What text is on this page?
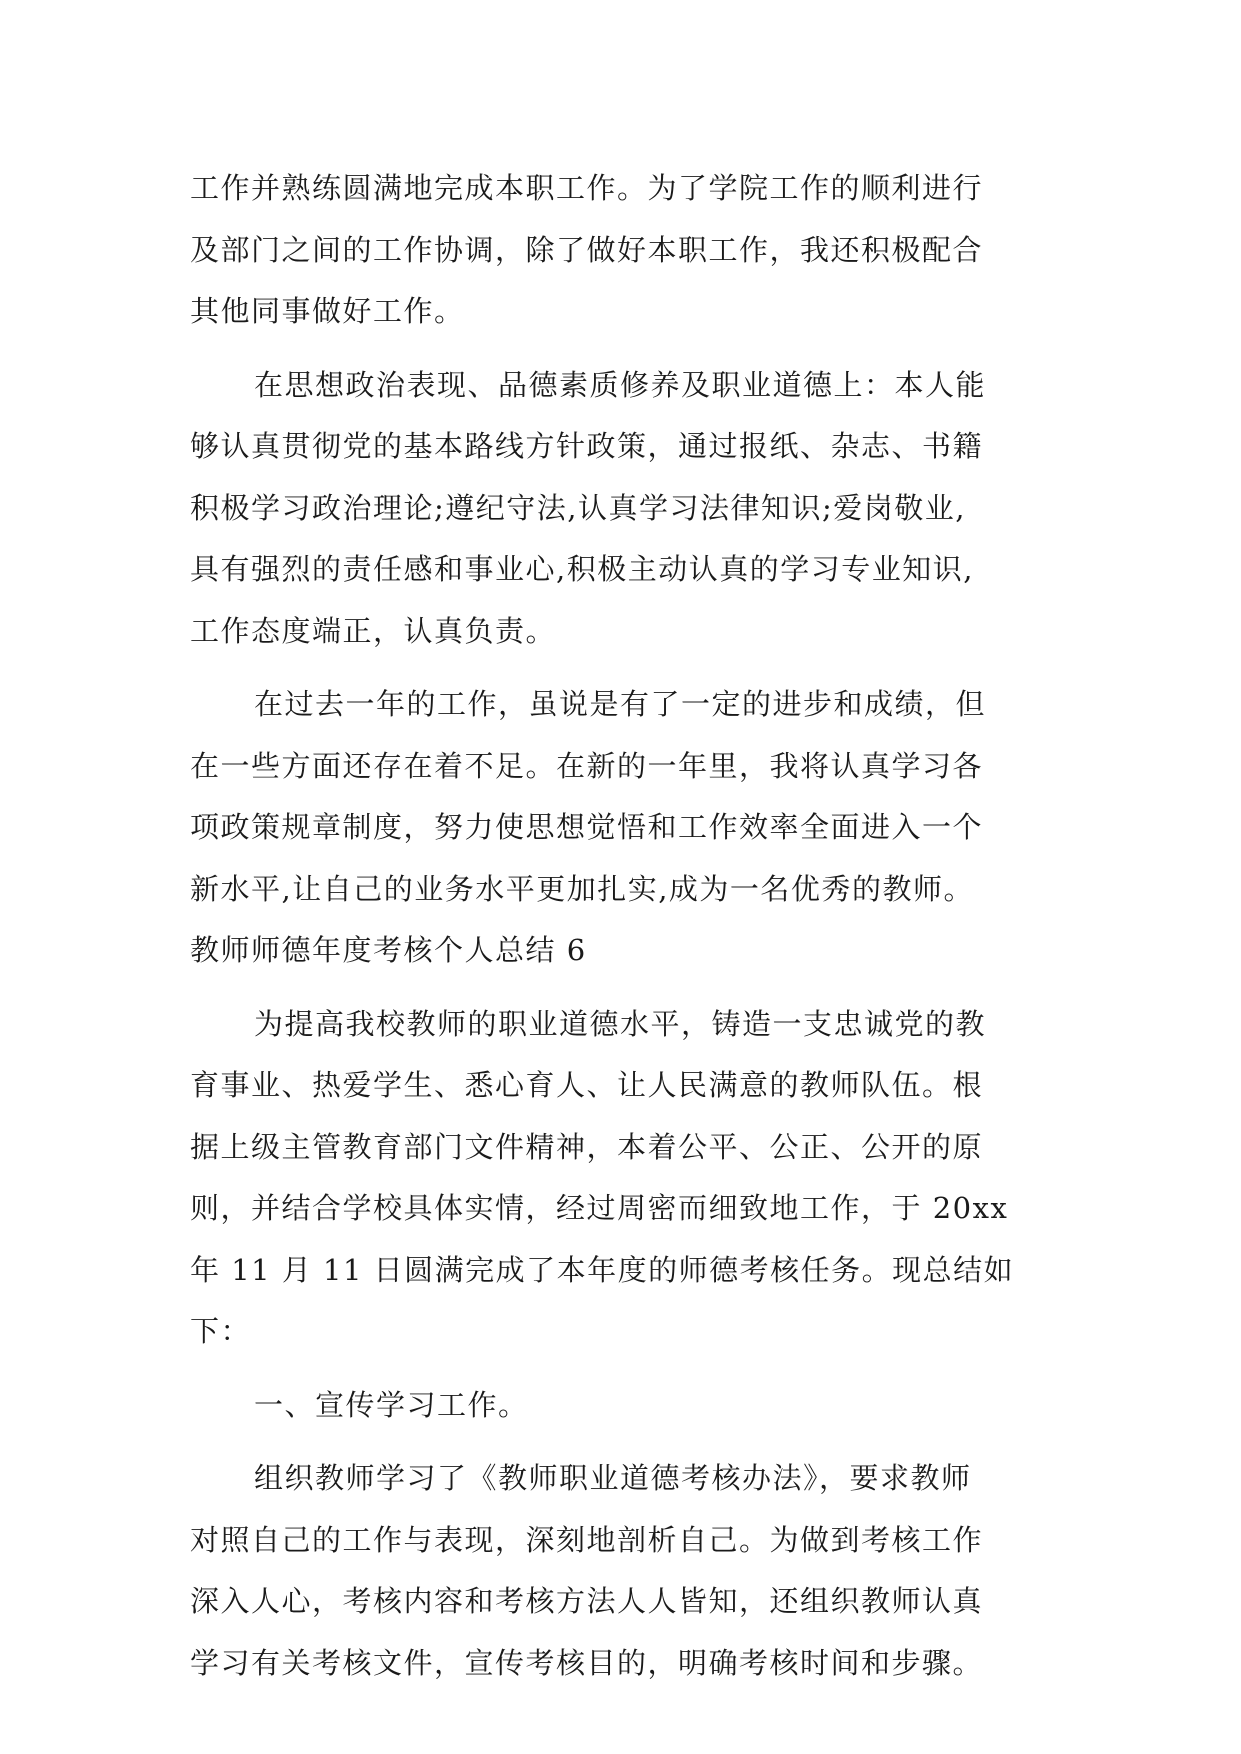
工作并熟练圆满地完成本职工作。为了学院工作的顺利进行
及部门之间的工作协调，除了做好本职工作，我还积极配合
其他同事做好工作。
在思想政治表现、品德素质修养及职业道德上：本人能
够认真贯彻党的基本路线方针政策，通过报纸、杂志、书籍
积极学习政治理论;遵纪守法,认真学习法律知识;爱岗敬业,
具有强烈的责任感和事业心,积极主动认真的学习专业知识,
工作态度端正，认真负责。
在过去一年的工作，虽说是有了一定的进步和成绩，但
在一些方面还存在着不足。在新的一年里，我将认真学习各
项政策规章制度，努力使思想觉悟和工作效率全面进入一个
新水平,让自己的业务水平更加扎实,成为一名优秀的教师。
教师师德年度考核个人总结 6
为提高我校教师的职业道德水平，铸造一支忠诚党的教
育事业、热爱学生、悉心育人、让人民满意的教师队伍。根
据上级主管教育部门文件精神，本着公平、公正、公开的原
则，并结合学校具体实情，经过周密而细致地工作，于 20xx
年 11 月 11 日圆满完成了本年度的师德考核任务。现总结如
下：
一、宣传学习工作。
组织教师学习了《教师职业道德考核办法》，要求教师
对照自己的工作与表现，深刻地剖析自己。为做到考核工作
深入人心，考核内容和考核方法人人皆知，还组织教师认真
学习有关考核文件，宣传考核目的，明确考核时间和步骤。
